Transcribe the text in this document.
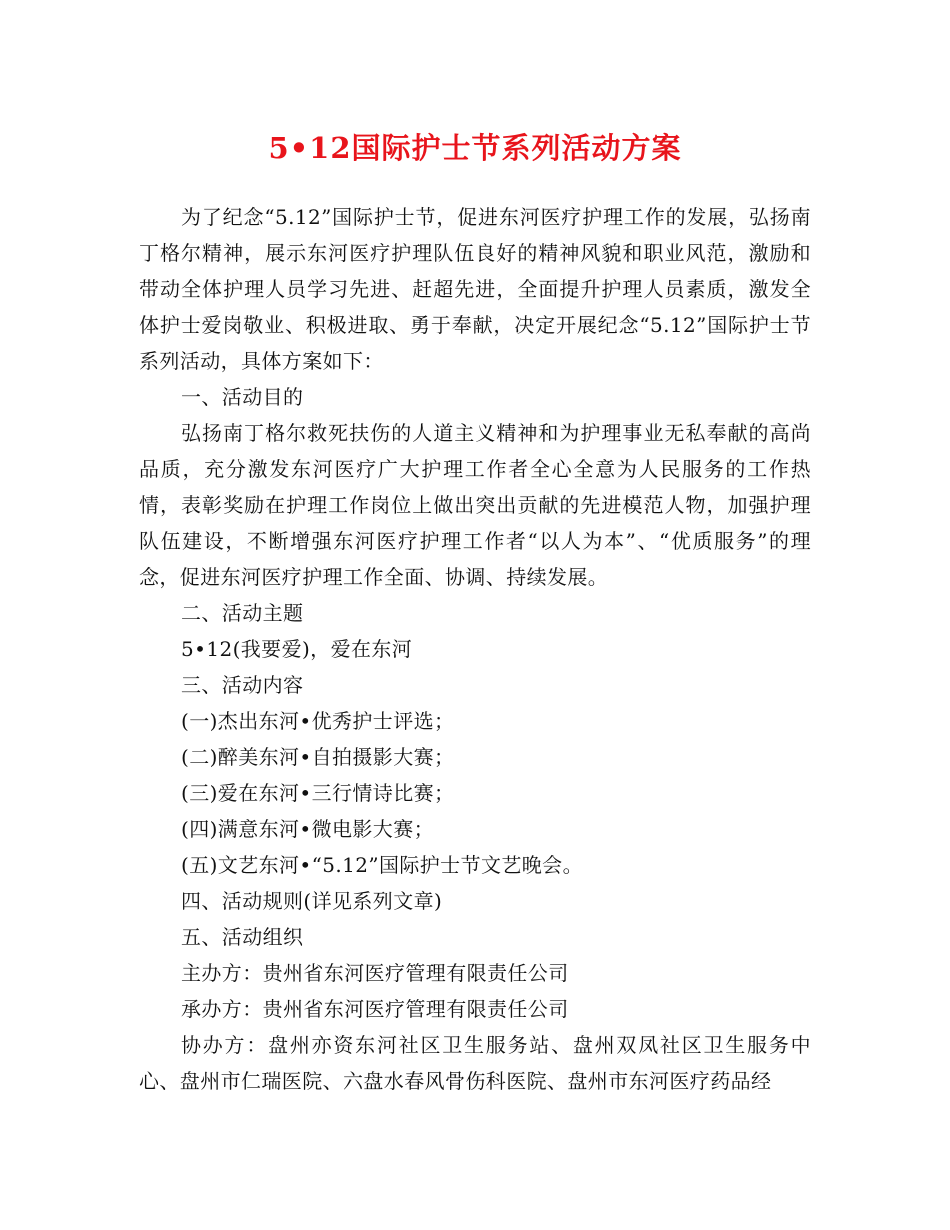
5•12国际护士节系列活动方案

为了纪念“5.12”国际护士节，促进东河医疗护理工作的发展，弘扬南丁格尔精神，展示东河医疗护理队伍良好的精神风貌和职业风范，激励和带动全体护理人员学习先进、赶超先进，全面提升护理人员素质，激发全体护士爱岗敬业、积极进取、勇于奉献，决定开展纪念“5.12”国际护士节系列活动，具体方案如下：

一、活动目的

弘扬南丁格尔救死扶伤的人道主义精神和为护理事业无私奉献的高尚品质，充分激发东河医疗广大护理工作者全心全意为人民服务的工作热情，表彰奖励在护理工作岗位上做出突出贡献的先进模范人物，加强护理队伍建设，不断增强东河医疗护理工作者“以人为本”、“优质服务”的理念，促进东河医疗护理工作全面、协调、持续发展。

二、活动主题

5•12(我要爱)，爱在东河

三、活动内容

(一)杰出东河•优秀护士评选；

(二)醉美东河•自拍摄影大赛；

(三)爱在东河•三行情诗比赛；

(四)满意东河•微电影大赛；

(五)文艺东河•“5.12”国际护士节文艺晚会。

四、活动规则(详见系列文章)

五、活动组织

主办方：贵州省东河医疗管理有限责任公司

承办方：贵州省东河医疗管理有限责任公司

协办方：盘州亦资东河社区卫生服务站、盘州双凤社区卫生服务中心、盘州市仁瑞医院、六盘水春风骨伤科医院、盘州市东河医疗药品经
